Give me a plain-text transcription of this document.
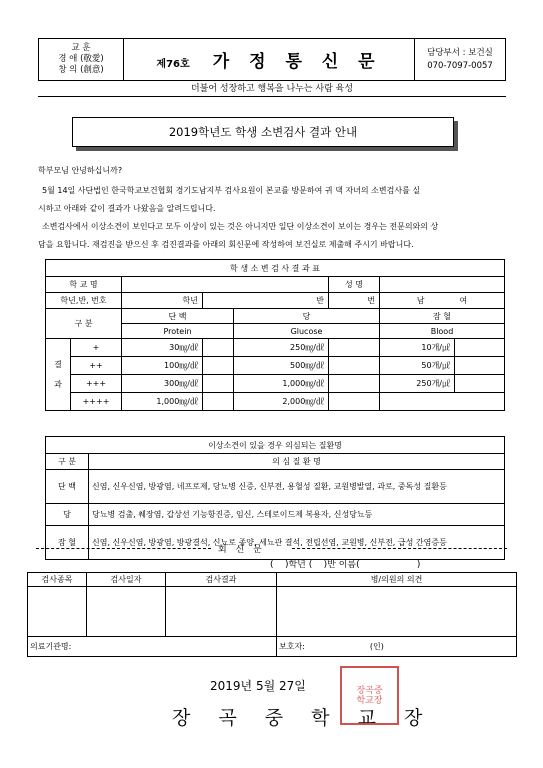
교 훈
경 애 (敬愛)
창 의 (創意)	제76호 가 정 통 신 문	담당부서 : 보건실
070-7097-0057
더불어 성장하고 행복을 나누는 사람 육성
2019학년도 학생 소변검사 결과 안내
학부모님 안녕하십니까?
5월 14일 사단법인 한국학교보건협회 경기도남지부 검사요원이 본교를 방문하여 귀 댁 자녀의 소변검사를 실
시하고 아래와 같이 결과가 나왔음을 알려드립니다.
소변검사에서 이상소견이 보인다고 모두 이상이 있는 것은 아니지만 일단 이상소견이 보이는 경우는 전문의와의 상
담을 요합니다. 재검진을 받으신 후 검진결과를 아래의 회신문에 작성하여 보건실로 제출해 주시기 바랍니다.
학 생 소 변 검 사 결 과 표							
학 교 명					성 명		
학년,반, 번호		학년	반		번	남 여	
구 분		단 백		당		잠 혈	
		Protein		Glucose		Blood	

결 과	+	30㎎/㎗		250㎎/㎗		10개/㎕	
	++	100㎎/㎗		500㎎/㎗		50개/㎕	
	+++	300㎎/㎗		1,000㎎/㎗		250개/㎕	
	++++	1,000㎎/㎗		2,000㎎/㎗			
이상소견이 있을 경우 의심되는 질환명	
구 분	의 심 질 환 명
단 백	신염, 신우신염, 방광염, 네프로제, 당뇨병 신증, 신부전, 용혈성 질환, 교원병발열, 과로, 중독성 질환등
당	당뇨병 검출, 췌장염, 갑상선 기능항진증, 임신, 스테로이드제 복용자, 신성당뇨등
잠 혈	신염, 신우신염, 방광염, 방광결석, 신뇨로 종양, 세뇨관 결석, 전립선염, 교원병, 신부전, 급성 간염증등
회 신 문
(    )학년 (    )반 이름(                    )
검사종목	검사일자	검사결과	병/의원의 의견

의료기관명:			보호자: (인)
2019년 5월 27일
장 곡 중 학 교 장
장곡중학교장
